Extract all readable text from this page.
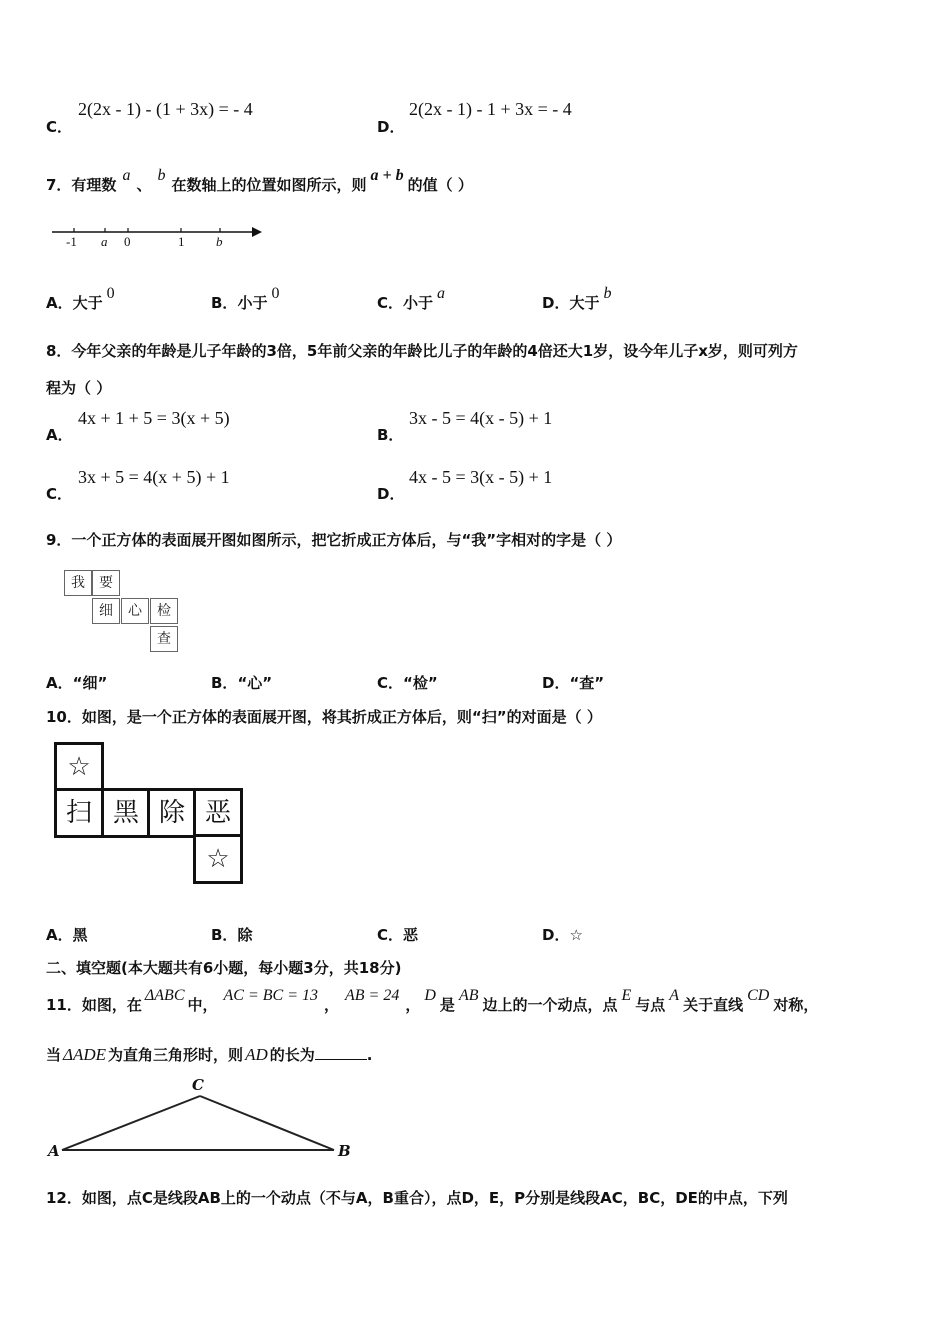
C．
2(2x - 1) - (1 + 3x) = - 4
D．
2(2x - 1) - 1 + 3x = - 4
7．有理数a、b在数轴上的位置如图所示，则a + b的值（ ）
-1 a 0	1 b
A．大于0
B．小于0
C．小于a
D．大于b
8．今年父亲的年龄是儿子年龄的3倍，5年前父亲的年龄比儿子的年龄的4倍还大1岁，设今年儿子x岁，则可列方
程为（ ）
A．
4x + 1 + 5 = 3(x + 5)
B．
3x - 5 = 4(x - 5) + 1
C．
3x + 5 = 4(x + 5) + 1
D．
4x - 5 = 3(x - 5) + 1
9．一个正方体的表面展开图如图所示，把它折成正方体后，与“我”字相对的字是（ ）
我	要
细	心	检
查
A．“细”	B．“心”	C．“检”	D．“查”
10．如图，是一个正方体的表面展开图，将其折成正方体后，则“扫”的对面是（ ）
☆
扫 黑 除 恶
☆
A．黑	B．除	C．恶	D．☆
二、填空题(本大题共有6小题，每小题3分，共18分)
11．如图，在ΔABC中，AC = BC = 13，AB = 24，D是AB边上的一个动点，点E与点A关于直线CD对称，
当 ΔADE 为直角三角形时，则 AD 的长为	.
C
A	B
12．如图，点C是线段AB上的一个动点（不与A，B重合），点D，E，P分别是线段AC，BC，DE的中点，下列
